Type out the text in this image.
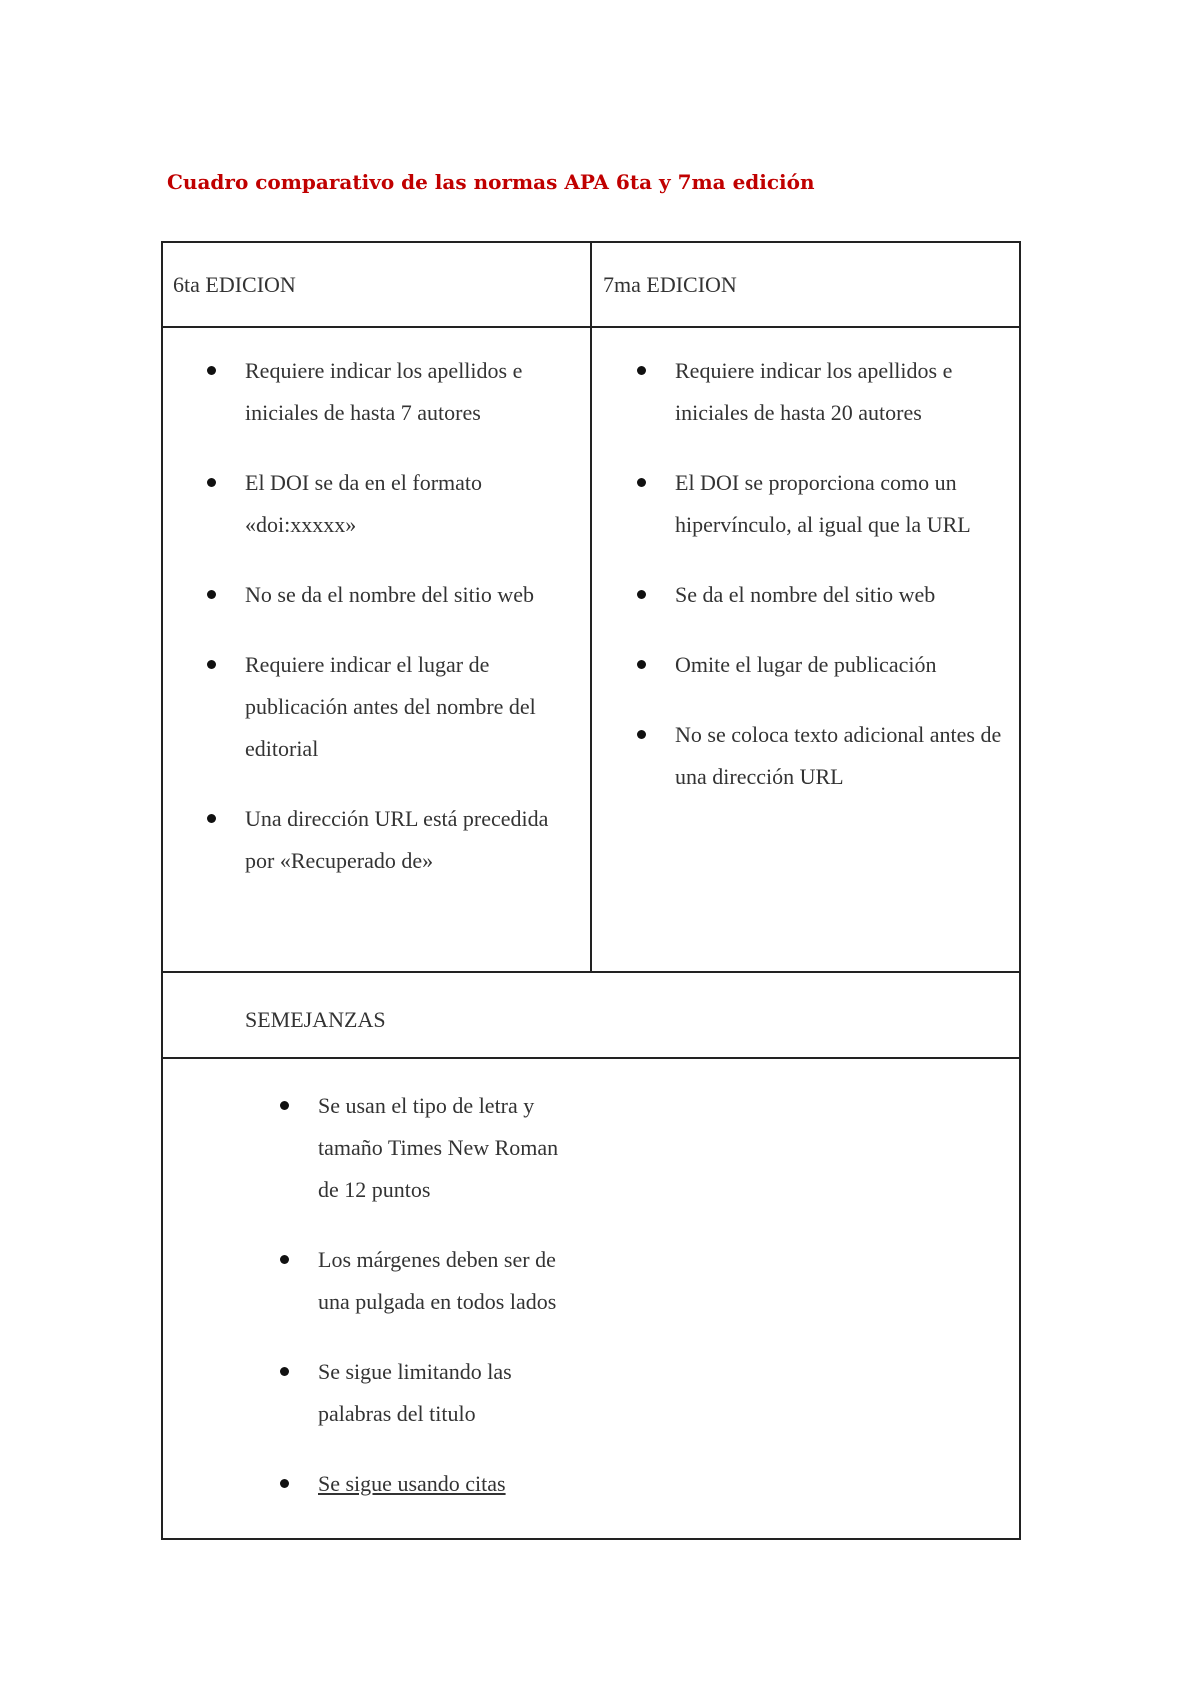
Cuadro comparativo de las normas APA 6ta y 7ma edición
6ta EDICION	7ma EDICION
Requiere indicar los apellidos e iniciales de hasta 7 autores
El DOI se da en el formato «doi:xxxxx»
No se da el nombre del sitio web
Requiere indicar el lugar de publicación antes del nombre del editorial
Una dirección URL está precedida por «Recuperado de»
Requiere indicar los apellidos e iniciales de hasta 20 autores
El DOI se proporciona como un hipervínculo, al igual que la URL
Se da el nombre del sitio web
Omite el lugar de publicación
No se coloca texto adicional antes de una dirección URL
SEMEJANZAS
Se usan el tipo de letra y tamaño Times New Roman de 12 puntos
Los márgenes deben ser de una pulgada en todos lados
Se sigue limitando las palabras del titulo
Se sigue usando citas
